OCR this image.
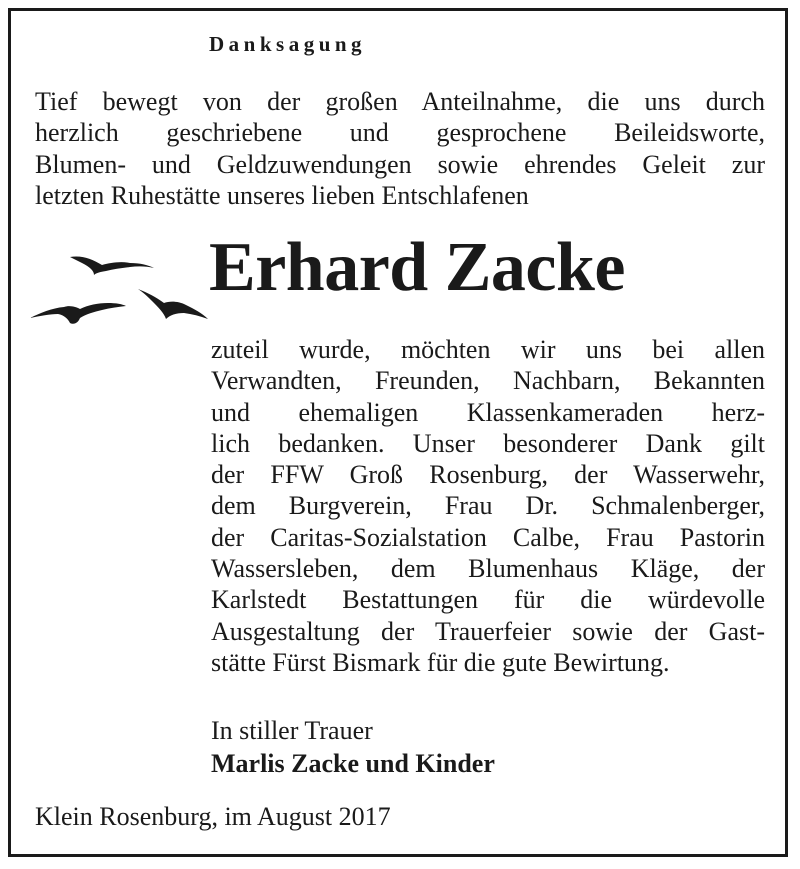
Danksagung
Tief bewegt von der großen Anteilnahme, die uns durch
herzlich geschriebene und gesprochene Beileidsworte,
Blumen- und Geldzuwendungen sowie ehrendes Geleit zur
letzten Ruhestätte unseres lieben Entschlafenen
Erhard Zacke
zuteil wurde, möchten wir uns bei allen
Verwandten, Freunden, Nachbarn, Bekannten
und ehemaligen Klassenkameraden herz-
lich bedanken. Unser besonderer Dank gilt
der FFW Groß Rosenburg, der Wasserwehr,
dem Burgverein, Frau Dr. Schmalenberger,
der Caritas-Sozialstation Calbe, Frau Pastorin
Wassersleben, dem Blumenhaus Kläge, der
Karlstedt Bestattungen für die würdevolle
Ausgestaltung der Trauerfeier sowie der Gast-
stätte Fürst Bismark für die gute Bewirtung.
In stiller Trauer
Marlis Zacke und Kinder
Klein Rosenburg, im August 2017
